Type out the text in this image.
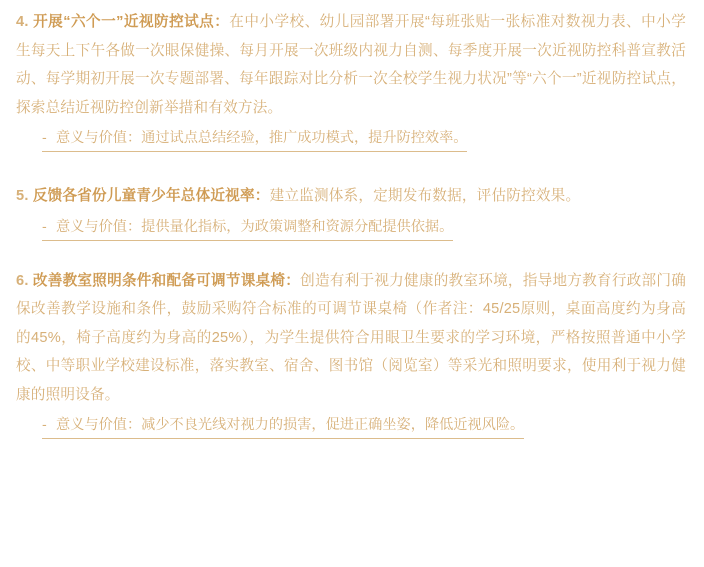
4. 开展“六个一”近视防控试点：在中小学校、幼儿园部署开展“每班张贴一张标准对数视力表、中小学生每天上下午各做一次眼保健操、每月开展一次班级内视力自测、每季度开展一次近视防控科普宣教活动、每学期初开展一次专题部署、每年跟踪对比分析一次全校学生视力状况”等“六个一”近视防控试点，探索总结近视防控创新举措和有效方法。
- 意义与价值：通过试点总结经验，推广成功模式，提升防控效率。
5. 反馈各省份儿童青少年总体近视率：建立监测体系，定期发布数据，评估防控效果。
- 意义与价值：提供量化指标，为政策调整和资源分配提供依据。
6. 改善教室照明条件和配备可调节课桌椅：创造有利于视力健康的教室环境，指导地方教育行政部门确保改善教学设施和条件，鼓励采购符合标准的可调节课桌椅（作者注：45/25原则，桌面高度约为身高的45%，椅子高度约为身高的25%），为学生提供符合用眼卫生要求的学习环境，严格按照普通中小学校、中等职业学校建设标准，落实教室、宿舍、图书馆（阅览室）等采光和照明要求，使用利于视力健康的照明设备。
- 意义与价值：减少不良光线对视力的损害，促进正确坐姿，降低近视风险。
